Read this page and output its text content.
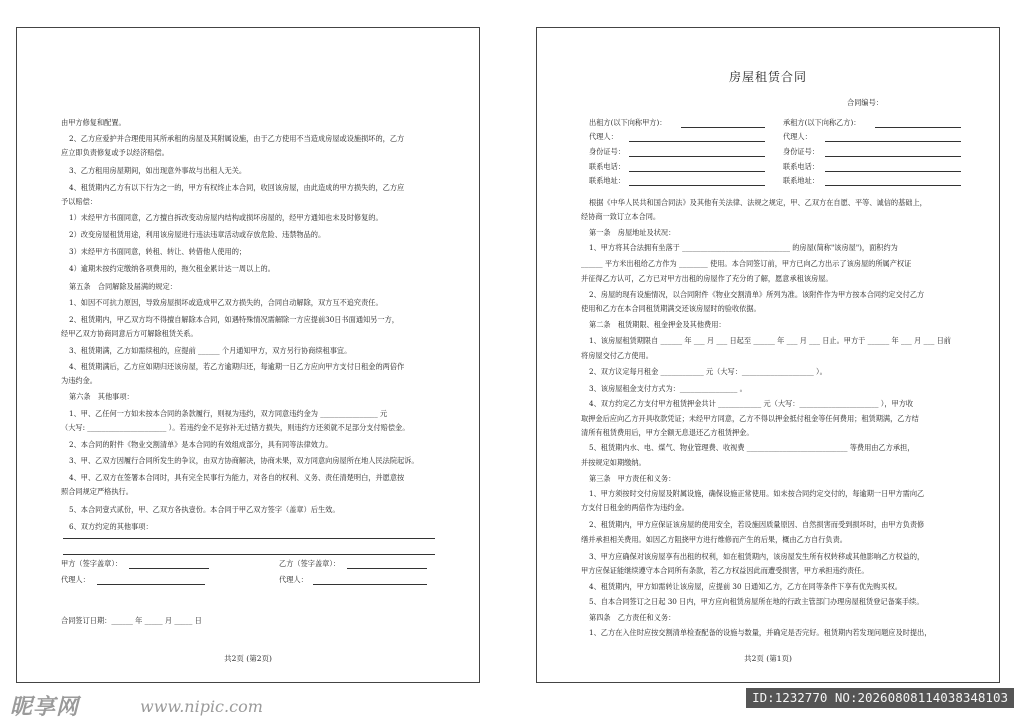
由甲方修复和配置。
2、乙方应爱护并合理使用其所承租的房屋及其附属设施，由于乙方使用不当造成房屋或设施损坏的，乙方
应立即负责修复或予以经济赔偿。
3、乙方租用房屋期间，如出现意外事故与出租人无关。
4、租赁期内乙方有以下行为之一的，甲方有权终止本合同，收回该房屋，由此造成的甲方损失的，乙方应
予以赔偿：
1）未经甲方书面同意，乙方擅自拆改变动房屋内结构或损坏房屋的，经甲方通知也未及时修复的。
2）改变房屋租赁用途，利用该房屋进行违法违章活动或存放危险、违禁物品的。
3）未经甲方书面同意，转租、转让、转借他人使用的；
4）逾期未按约定缴纳各项费用的，拖欠租金累计达一周以上的。
第五条　合同解除及届满的规定：
1、如因不可抗力原因，导致房屋损坏或造成甲乙双方损失的，合同自动解除，双方互不追究责任。
2、租赁期内，甲乙双方均不得擅自解除本合同，如遇特殊情况需解除一方应提前30日书面通知另一方，
经甲乙双方协商同意后方可解除租赁关系。
3、租赁期满，乙方如需续租的，应提前 ______ 个月通知甲方，双方另行协商续租事宜。
4、租赁期满后，乙方应如期归还该房屋，若乙方逾期归还，每逾期一日乙方应向甲方支付日租金的两倍作
为违约金。
第六条　其他事项：
1、甲、乙任何一方如未按本合同的条款履行，则视为违约，双方同意违约金为 ________________ 元
（大写: ______________________ ）。若违约金不足弥补无过错方损失，则违约方还须就不足部分支付赔偿金。
2、本合同的附件《物业交割清单》是本合同的有效组成部分，具有同等法律效力。
3、甲、乙双方因履行合同所发生的争议，由双方协商解决，协商未果，双方同意向房屋所在地人民法院起诉。
4、甲、乙双方在签署本合同时，具有完全民事行为能力，对各自的权利、义务、责任清楚明白，并愿意按
照合同规定严格执行。
5、本合同壹式贰份，甲、乙双方各执壹份。本合同于甲乙双方签字（盖章）后生效。
6、双方约定的其他事项：
甲方（签字盖章）：	乙方（签字盖章）：
代理人：	代理人：
合同签订日期：______ 年 _____ 月 _____ 日
共2页 (第2页)
房屋租赁合同
合同编号：
出租方(以下向称甲方)：	承租方(以下向称乙方)：
代理人：	代理人：
身份证号：	身份证号：
联系电话：	联系电话：
联系地址：	联系地址：
根据《中华人民共和国合同法》及其他有关法律、法规之规定，甲、乙双方在自愿、平等、诚信的基础上，
经协商一致订立本合同。
第一条　房屋地址及状况：
1、甲方将其合法拥有坐落于 ______________________________ 的房屋(简称"该房屋")，面积约为
______ 平方米出租给乙方作为 ________ 使用。本合同签订前，甲方已向乙方出示了该房屋的所属产权证
并征得乙方认可，乙方已对甲方出租的房屋作了充分的了解，愿意承租该房屋。
2、房屋的现有设施情况，以合同附件《物业交割清单》所列为准。该附件作为甲方按本合同约定交付乙方
使用和乙方在本合同租赁期满交还该房屋时的验收依据。
第二条　租赁期限、租金押金及其他费用：
1、该房屋租赁期限自 ______ 年 ___ 月 ___ 日起至 ______ 年 ___ 月 ___ 日止。甲方于 ______ 年 ___ 月 ___ 日前
将房屋交付乙方使用。
2、双方议定每月租金 ____________ 元（大写：____________________ ）。
3、该房屋租金支付方式为：________________ 。
4、双方约定乙方支付甲方租赁押金共计 ____________ 元（大写：______________________ ），甲方收
取押金后应向乙方开具收款凭证；未经甲方同意，乙方不得以押金抵付租金等任何费用；租赁期满，乙方结
清所有租赁费用后，甲方全额无息退还乙方租赁押金。
5、租赁期内水、电、煤气、物业管理费、收视费 ____________________________ 等费用由乙方承担，
并按规定如期缴纳。
第三条　甲方责任和义务：
1、甲方须按时交付房屋及附属设施，确保设施正常使用。如未按合同约定交付的，每逾期一日甲方需向乙
方支付日租金的两倍作为违约金。
2、租赁期内，甲方应保证该房屋的使用安全，若设施因质量原因、自然损害而受到损坏时，由甲方负责修
缮并承担相关费用。如因乙方阻挠甲方进行维修而产生的后果，概由乙方自行负责。
3、甲方应确保对该房屋享有出租的权利，如在租赁期内，该房屋发生所有权转移或其他影响乙方权益的，
甲方应保证能继续遵守本合同所有条款，若乙方权益因此而遭受损害，甲方承担违约责任。
4、租赁期内，甲方如需转让该房屋，应提前 30 日通知乙方，乙方在同等条件下享有优先购买权。
5、自本合同签订之日起 30 日内，甲方应向租赁房屋所在地的行政主管部门办理房屋租赁登记备案手续。
第四条　乙方责任和义务：
1、乙方在入住时应按交割清单检查配备的设施与数量，并确定是否完好。租赁期内若发现问题应及时提出，
共2页 (第1页)
昵享网	www.nipic.com	ID:1232770 NO:20260808114038348103
